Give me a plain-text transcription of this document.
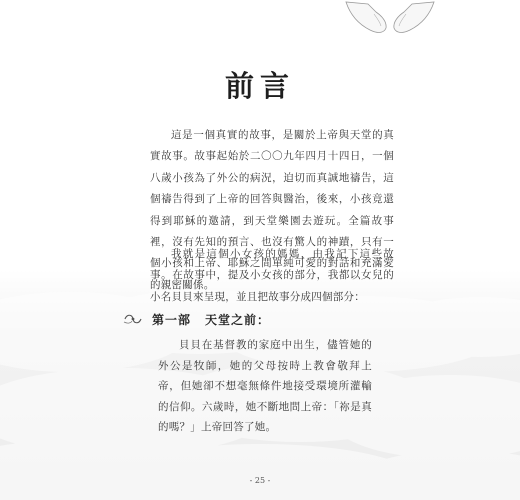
前言

這是一個真實的故事，是關於上帝與天堂的真實故事。故事起始於二〇〇九年四月十四日，一個八歲小孩為了外公的病況，迫切而真誠地禱告，這個禱告得到了上帝的回答與醫治，後來，小孩竟還得到耶穌的邀請，到天堂樂園去遊玩。全篇故事裡，沒有先知的預言、也沒有驚人的神蹟，只有一個小孩和上帝、耶穌之間單純可愛的對話和充滿愛的親密關係。

我就是這個小女孩的媽媽，由我記下這些故事。在故事中，提及小女孩的部分，我都以女兒的小名貝貝來呈現，並且把故事分成四個部分：

第一部 天堂之前：

貝貝在基督教的家庭中出生，儘管她的外公是牧師，她的父母按時上教會敬拜上帝，但她卻不想毫無條件地接受環境所灌輸的信仰。六歲時，她不斷地問上帝：「祢是真的嗎？」上帝回答了她。

- 25 -
